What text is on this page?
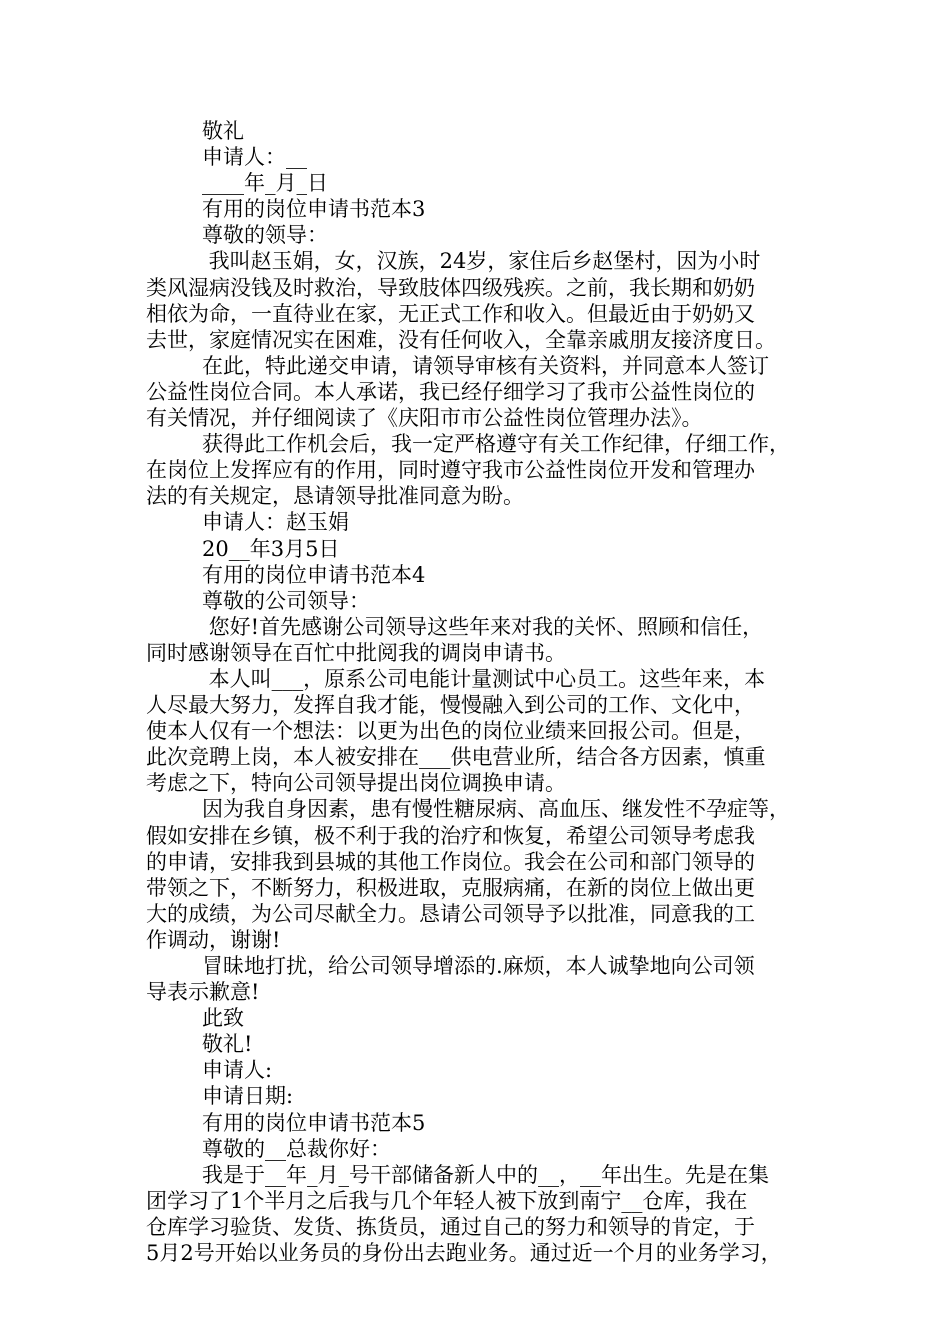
敬礼
申请人：__
____年_月_日
有用的岗位申请书范本3
尊敬的领导：
我叫赵玉娟，女，汉族，24岁，家住后乡赵堡村，因为小时
类风湿病没钱及时救治，导致肢体四级残疾。之前，我长期和奶奶
相依为命，一直待业在家，无正式工作和收入。但最近由于奶奶又
去世，家庭情况实在困难，没有任何收入，全靠亲戚朋友接济度日。
在此，特此递交申请，请领导审核有关资料，并同意本人签订
公益性岗位合同。本人承诺，我已经仔细学习了我市公益性岗位的
有关情况，并仔细阅读了《庆阳市市公益性岗位管理办法》。
获得此工作机会后，我一定严格遵守有关工作纪律，仔细工作，
在岗位上发挥应有的作用，同时遵守我市公益性岗位开发和管理办
法的有关规定，恳请领导批准同意为盼。
申请人：赵玉娟
20__年3月5日
有用的岗位申请书范本4
尊敬的公司领导：
您好!首先感谢公司领导这些年来对我的关怀、照顾和信任，
同时感谢领导在百忙中批阅我的调岗申请书。
本人叫___，原系公司电能计量测试中心员工。这些年来，本
人尽最大努力，发挥自我才能，慢慢融入到公司的工作、文化中，
使本人仅有一个想法：以更为出色的岗位业绩来回报公司。但是，
此次竞聘上岗，本人被安排在___供电营业所，结合各方因素，慎重
考虑之下，特向公司领导提出岗位调换申请。
因为我自身因素，患有慢性糖尿病、高血压、继发性不孕症等，
假如安排在乡镇，极不利于我的治疗和恢复，希望公司领导考虑我
的申请，安排我到县城的其他工作岗位。我会在公司和部门领导的
带领之下，不断努力，积极进取，克服病痛，在新的岗位上做出更
大的成绩，为公司尽献全力。恳请公司领导予以批准，同意我的工
作调动，谢谢!
冒昧地打扰，给公司领导增添的.麻烦，本人诚挚地向公司领
导表示歉意!
此致
敬礼!
申请人:
申请日期:
有用的岗位申请书范本5
尊敬的__总裁你好：
我是于__年_月_号干部储备新人中的__，__年出生。先是在集
团学习了1个半月之后我与几个年轻人被下放到南宁__仓库，我在
仓库学习验货、发货、拣货员，通过自己的努力和领导的肯定，于
5月2号开始以业务员的身份出去跑业务。通过近一个月的业务学习，
